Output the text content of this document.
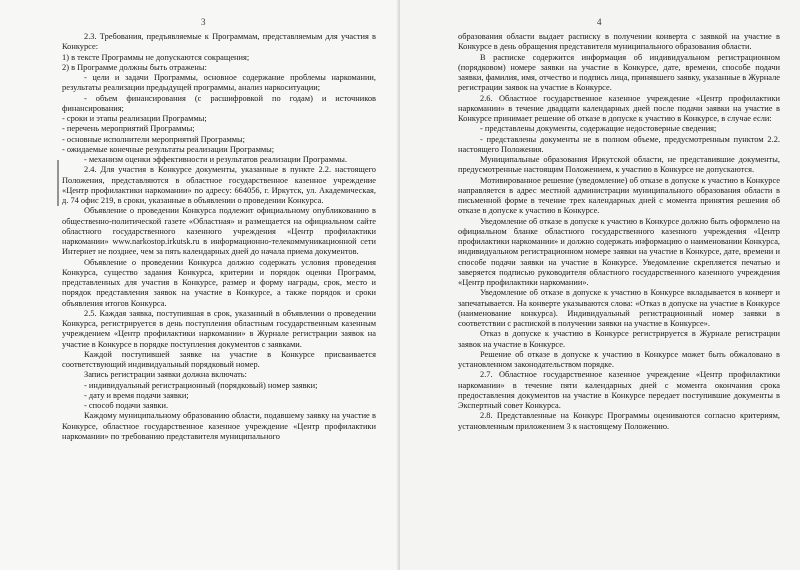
3

2.3. Требования, предъявляемые к Программам, представляемым для участия в Конкурсе:

1) в тексте Программы не допускаются сокращения;

2) в Программе должны быть отражены:

- цели и задачи Программы, основное содержание проблемы наркомании, результаты реализации предыдущей программы, анализ наркоситуации;

- объем финансирования (с расшифровкой по годам) и источников финансирования;

- сроки и этапы реализации Программы;

- перечень мероприятий Программы;

- основные исполнители мероприятий Программы;

- ожидаемые конечные результаты реализации Программы;

- механизм оценки эффективности и результатов реализации Программы.

2.4. Для участия в Конкурсе документы, указанные в пункте 2.2. настоящего Положения, представляются в областное государственное казенное учреждение «Центр профилактики наркомании» по адресу: 664056, г. Иркутск, ул. Академическая, д. 74 офис 219, в сроки, указанные в объявлении о проведении Конкурса.

Объявление о проведении Конкурса подлежит официальному опубликованию в общественно-политической газете «Областная» и размещается на официальном сайте областного государственного казенного учреждения «Центр профилактики наркомании» www.narkostop.irkutsk.ru в информационно-телекоммуникационной сети Интернет не позднее, чем за пять календарных дней до начала приема документов.

Объявление о проведении Конкурса должно содержать условия проведения Конкурса, существо задания Конкурса, критерии и порядок оценки Программ, представленных для участия в Конкурсе, размер и форму награды, срок, место и порядок представления заявок на участие в Конкурсе, а также порядок и сроки объявления итогов Конкурса.

2.5. Каждая заявка, поступившая в срок, указанный в объявлении о проведении Конкурса, регистрируется в день поступления областным государственным казенным учреждением «Центр профилактики наркомании» в Журнале регистрации заявок на участие в Конкурсе в порядке поступления документов с заявками.

Каждой поступившей заявке на участие в Конкурсе присваивается соответствующий индивидуальный порядковый номер.

Запись регистрации заявки должна включать:

- индивидуальный регистрационный (порядковый) номер заявки;

- дату и время подачи заявки;

- способ подачи заявки.

Каждому муниципальному образованию области, подавшему заявку на участие в Конкурсе, областное государственное казенное учреждение «Центр профилактики наркомании» по требованию представителя муниципального

4

образования области выдает расписку в получении конверта с заявкой на участие в Конкурсе в день обращения представителя муниципального образования области.

В расписке содержится информация об индивидуальном регистрационном (порядковом) номере заявки на участие в Конкурсе, дате, времени, способе подачи заявки, фамилия, имя, отчество и подпись лица, принявшего заявку, указанные в Журнале регистрации заявок на участие в Конкурсе.

2.6. Областное государственное казенное учреждение «Центр профилактики наркомании» в течение двадцати календарных дней после подачи заявки на участие в Конкурсе принимает решение об отказе в допуске к участию в Конкурсе, в случае если:

- представлены документы, содержащие недостоверные сведения;

- представлены документы не в полном объеме, предусмотренным пунктом 2.2. настоящего Положения.

Муниципальные образования Иркутской области, не представившие документы, предусмотренные настоящим Положением, к участию в Конкурсе не допускаются.

Мотивированное решение (уведомление) об отказе в допуске к участию в Конкурсе направляется в адрес местной администрации муниципального образования области в письменной форме в течение трех календарных дней с момента принятия решения об отказе в допуске к участию в Конкурсе.

Уведомление об отказе в допуске к участию в Конкурсе должно быть оформлено на официальном бланке областного государственного казенного учреждения «Центр профилактики наркомании» и должно содержать информацию о наименовании Конкурса, индивидуальном регистрационном номере заявки на участие в Конкурсе, дате, времени и способе подачи заявки на участие в Конкурсе. Уведомление скрепляется печатью и заверяется подписью руководителя областного государственного казенного учреждения «Центр профилактики наркомании».

Уведомление об отказе в допуске к участию в Конкурсе вкладывается в конверт и запечатывается. На конверте указываются слова: «Отказ в допуске на участие в Конкурсе (наименование конкурса). Индивидуальный регистрационный номер заявки в соответствии с распиской в получении заявки на участие в Конкурсе».

Отказ в допуске к участию в Конкурсе регистрируется в Журнале регистрации заявок на участие в Конкурсе.

Решение об отказе в допуске к участию в Конкурсе может быть обжаловано в установленном законодательством порядке.

2.7. Областное государственное казенное учреждение «Центр профилактики наркомании» в течение пяти календарных дней с момента окончания срока предоставления документов на участие в Конкурсе передает поступившие документы в Экспертный совет Конкурса.

2.8. Представленные на Конкурс Программы оцениваются согласно критериям, установленным приложением 3 к настоящему Положению.
